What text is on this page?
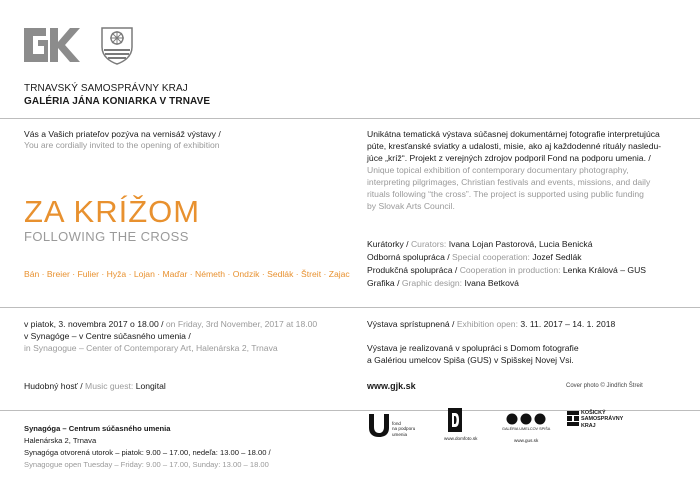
TRNAVSKÝ SAMOSPRÁVNY KRAJ
GALÉRIA JÁNA KONIARKA V TRNAVE
Vás a Vašich priateľov pozýva na vernisáž výstavy /
You are cordially invited to the opening of exhibition
ZA KRÍŽOM
FOLLOWING THE CROSS
Bán · Breier · Fulier · Hyža · Lojan · Maďar · Németh · Ondzik · Sedlák · Štreit · Zajac
Unikátna tematická výstava súčasnej dokumentárnej fotografie interpretujúca
púte, kresťanské sviatky a udalosti, misie, ako aj každodenné rituály nasledu-
júce „kríž“. Projekt z verejných zdrojov podporil Fond na podporu umenia. /
Unique topical exhibition of contemporary documentary photography,
interpreting pilgrimages, Christian festivals and events, missions, and daily
rituals following “the cross”. The project is supported using public funding
by Slovak Arts Council.
Kurátorky / Curators: Ivana Lojan Pastorová, Lucia Benická
Odborná spolupráca / Special cooperation: Jozef Sedlák
Produkčná spolupráca / Cooperation in production: Lenka Králová – GUS
Grafika / Graphic design: Ivana Betková
v piatok, 3. novembra 2017 o 18.00 / on Friday, 3rd November, 2017 at 18.00
v Synagóge – v Centre súčasného umenia /
in Synagogue – Center of Contemporary Art, Halenárska 2, Trnava
Hudobný hosť / Music guest: Longital
Výstava sprístupnená / Exhibition open: 3. 11. 2017 – 14. 1. 2018
Výstava je realizovaná v spolupráci s Domom fotografie
a Galériou umelcov Spiša (GUS) v Spišskej Novej Vsi.
www.gjk.sk	Cover photo © Jindřich Štreit
Synagóga – Centrum súčasného umenia
Halenárska 2, Trnava
Synagóga otvorená utorok – piatok: 9.00 – 17.00, nedeľa: 13.00 – 18.00 /
Synagogue open Tuesday – Friday: 9.00 – 17.00, Sunday: 13.00 – 18.00
fond
na podporu
umenia
www.domfoto.sk
GALÉRIA UMELCOV SPIŠA
www.gus.sk
KOŠICKÝ
SAMOSPRÁVNY
KRAJ
